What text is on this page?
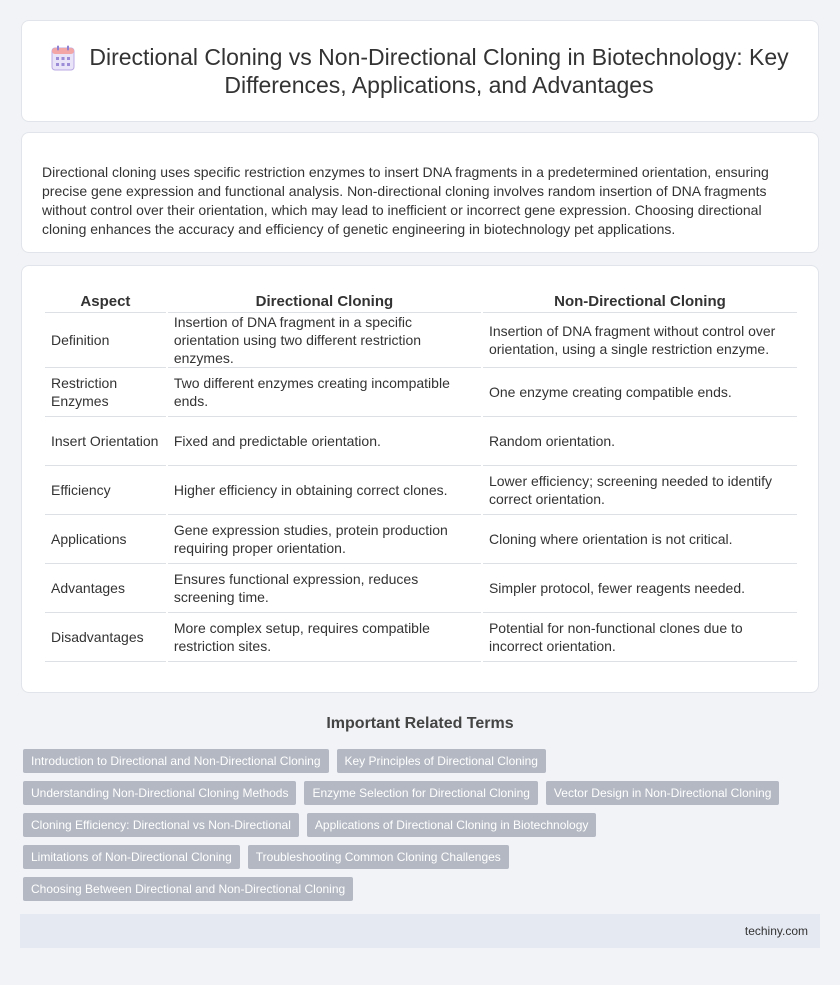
Directional Cloning vs Non-Directional Cloning in Biotechnology: Key Differences, Applications, and Advantages

Directional cloning uses specific restriction enzymes to insert DNA fragments in a predetermined orientation, ensuring precise gene expression and functional analysis. Non-directional cloning involves random insertion of DNA fragments without control over their orientation, which may lead to inefficient or incorrect gene expression. Choosing directional cloning enhances the accuracy and efficiency of genetic engineering in biotechnology pet applications.

Aspect	Directional Cloning	Non-Directional Cloning
Definition	Insertion of DNA fragment in a specific orientation using two different restriction enzymes.	Insertion of DNA fragment without control over orientation, using a single restriction enzyme.
Restriction Enzymes	Two different enzymes creating incompatible ends.	One enzyme creating compatible ends.
Insert Orientation	Fixed and predictable orientation.	Random orientation.
Efficiency	Higher efficiency in obtaining correct clones.	Lower efficiency; screening needed to identify correct orientation.
Applications	Gene expression studies, protein production requiring proper orientation.	Cloning where orientation is not critical.
Advantages	Ensures functional expression, reduces screening time.	Simpler protocol, fewer reagents needed.
Disadvantages	More complex setup, requires compatible restriction sites.	Potential for non-functional clones due to incorrect orientation.
Important Related Terms
Introduction to Directional and Non-Directional Cloning	Key Principles of Directional Cloning
Understanding Non-Directional Cloning Methods	Enzyme Selection for Directional Cloning	Vector Design in Non-Directional Cloning
Cloning Efficiency: Directional vs Non-Directional	Applications of Directional Cloning in Biotechnology
Limitations of Non-Directional Cloning	Troubleshooting Common Cloning Challenges
Choosing Between Directional and Non-Directional Cloning
techiny.com
